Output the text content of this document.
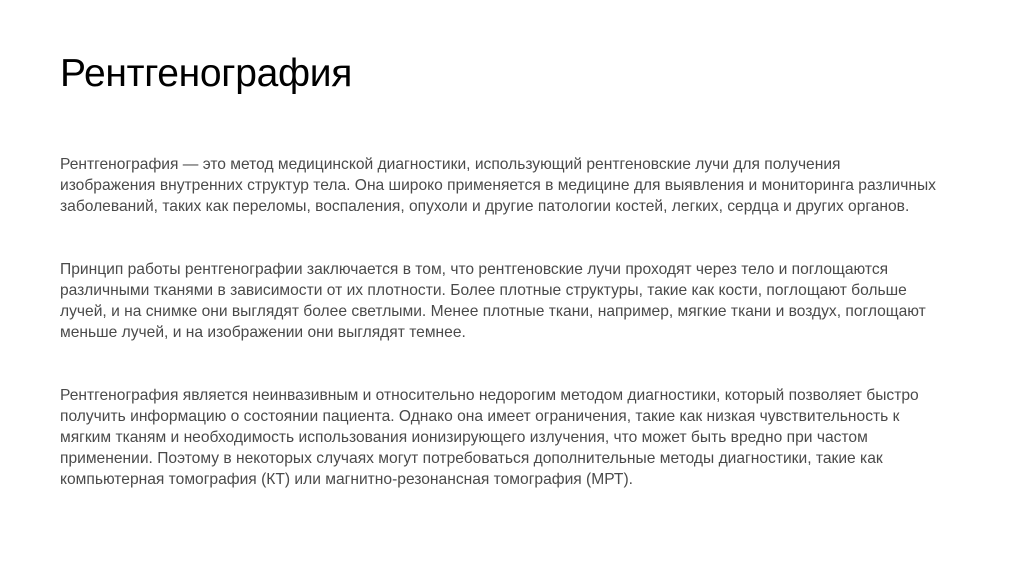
Рентгенография

Рентгенография — это метод медицинской диагностики, использующий рентгеновские лучи для получения изображения внутренних структур тела. Она широко применяется в медицине для выявления и мониторинга различных заболеваний, таких как переломы, воспаления, опухоли и другие патологии костей, легких, сердца и других органов.

Принцип работы рентгенографии заключается в том, что рентгеновские лучи проходят через тело и поглощаются различными тканями в зависимости от их плотности. Более плотные структуры, такие как кости, поглощают больше лучей, и на снимке они выглядят более светлыми. Менее плотные ткани, например, мягкие ткани и воздух, поглощают меньше лучей, и на изображении они выглядят темнее.

Рентгенография является неинвазивным и относительно недорогим методом диагностики, который позволяет быстро получить информацию о состоянии пациента. Однако она имеет ограничения, такие как низкая чувствительность к мягким тканям и необходимость использования ионизирующего излучения, что может быть вредно при частом применении. Поэтому в некоторых случаях могут потребоваться дополнительные методы диагностики, такие как компьютерная томография (КТ) или магнитно-резонансная томография (МРТ).
